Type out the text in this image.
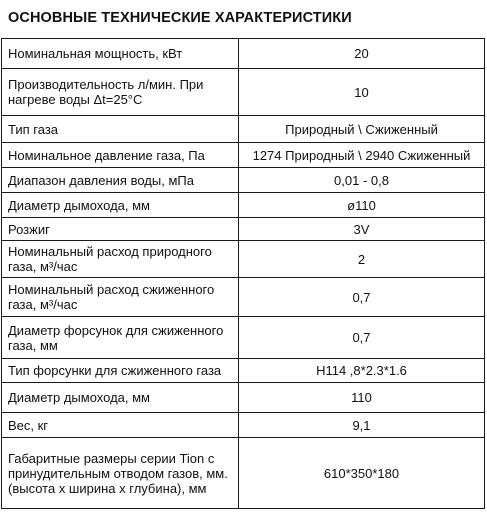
ОСНОВНЫЕ ТЕХНИЧЕСКИЕ ХАРАКТЕРИСТИКИ
Номинальная мощность, кВт	20
Производительность л/мин. При нагреве воды Δt=25°С	10
Тип газа	Природный \ Сжиженный
Номинальное давление газа, Па	1274 Природный \ 2940 Сжиженный
Диапазон давления воды, мПа	0,01 - 0,8
Диаметр дымохода, мм	ø110
Розжиг	3V
Номинальный расход природного газа, м³/час	2
Номинальный расход сжиженного газа, м³/час	0,7
Диаметр форсунок для сжиженного газа, мм	0,7
Тип форсунки для сжиженного газа	Н114 ,8*2.3*1.6
Диаметр дымохода, мм	110
Вес, кг	9,1
Габаритные размеры серии Tion с принудительным отводом газов, мм. (высота х ширина х глубина), мм	610*350*180
